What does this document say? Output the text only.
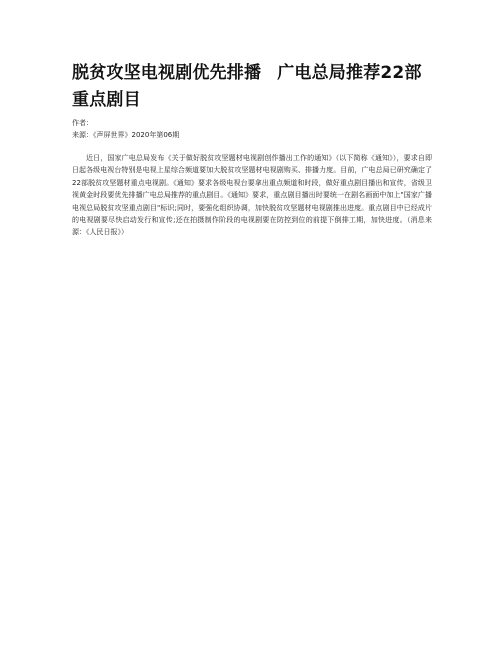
脱贫攻坚电视剧优先排播 广电总局推荐22部重点剧目
作者：
来源：《声屏世界》2020年第06期

近日，国家广电总局发布《关于做好脱贫攻坚题材电视剧创作播出工作的通知》（以下简称《通知》），要求自即日起各级电视台特别是电视上星综合频道要加大脱贫攻坚题材电视剧购买、排播力度。目前，广电总局已研究确定了22部脱贫攻坚题材重点电视剧。《通知》要求各级电视台要拿出重点频道和时段，做好重点剧目播出和宣传，省级卫视黄金时段要优先排播广电总局推荐的重点剧目。《通知》要求，重点剧目播出时要统一在剧名画面中加上"国家广播电视总局脱贫攻坚重点剧目"标识;同时，要强化组织协调，加快脱贫攻坚题材电视剧推出进度。重点剧目中已经成片的电视剧要尽快启动发行和宣传;还在拍摄制作阶段的电视剧要在防控到位的前提下倒排工期，加快进度。（消息来源：《人民日报》）
